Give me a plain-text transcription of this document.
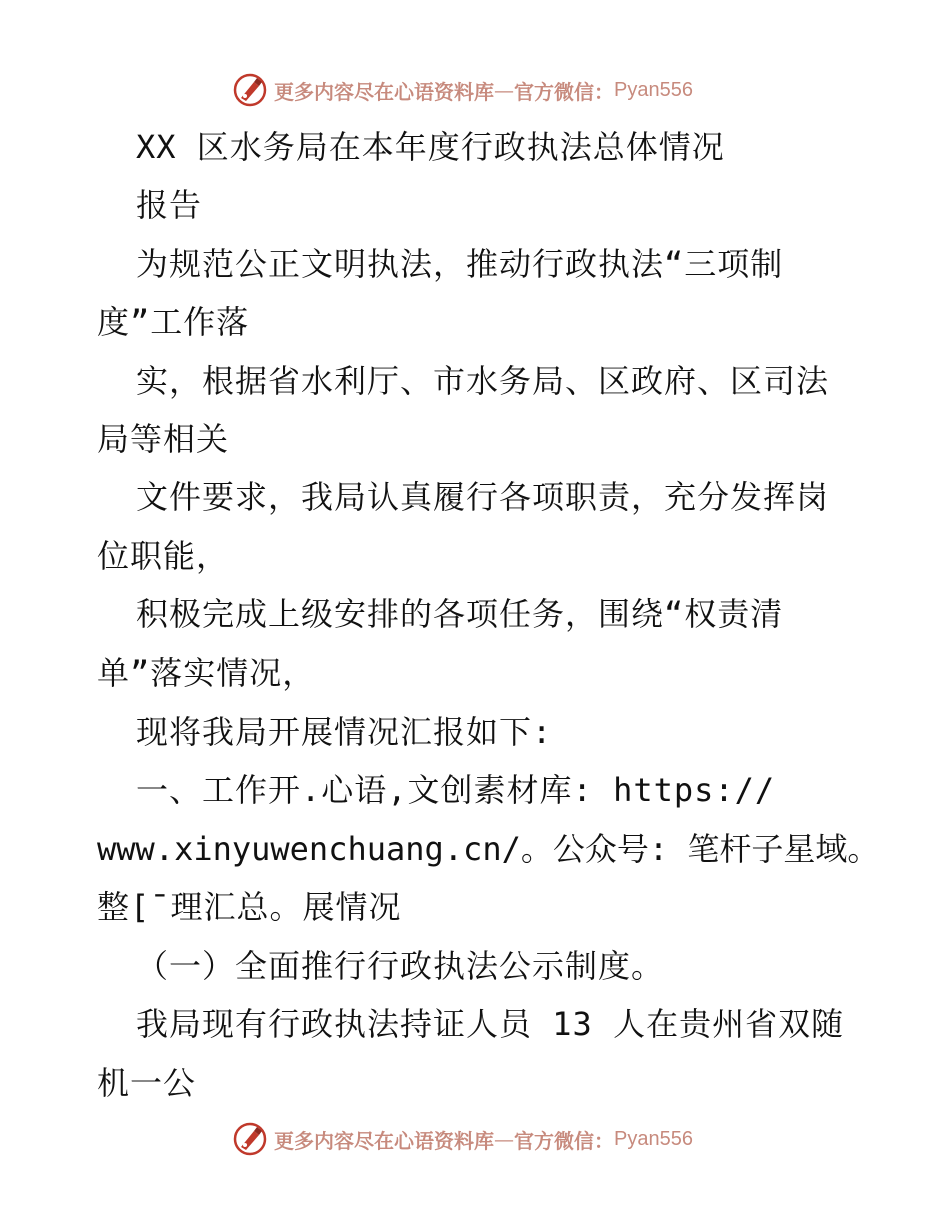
更多内容尽在心语资料库 — 官方微信： Pyan556
XX 区水务局在本年度行政执法总体情况
报告
为规范公正文明执法，推动行政执法“三项制
度”工作落
实，根据省水利厅、市水务局、区政府、区司法
局等相关
文件要求，我局认真履行各项职责，充分发挥岗
位职能，
积极完成上级安排的各项任务，围绕“权责清
单”落实情况，
现将我局开展情况汇报如下:
一、工作开.心语,文创素材库: https://
www.xinyuwenchuang.cn/。公众号: 笔杆子星域。
整[¯理汇总。展情况
（一）全面推行行政执法公示制度。
我局现有行政执法持证人员 13 人在贵州省双随
机一公
更多内容尽在心语资料库 — 官方微信： Pyan556
